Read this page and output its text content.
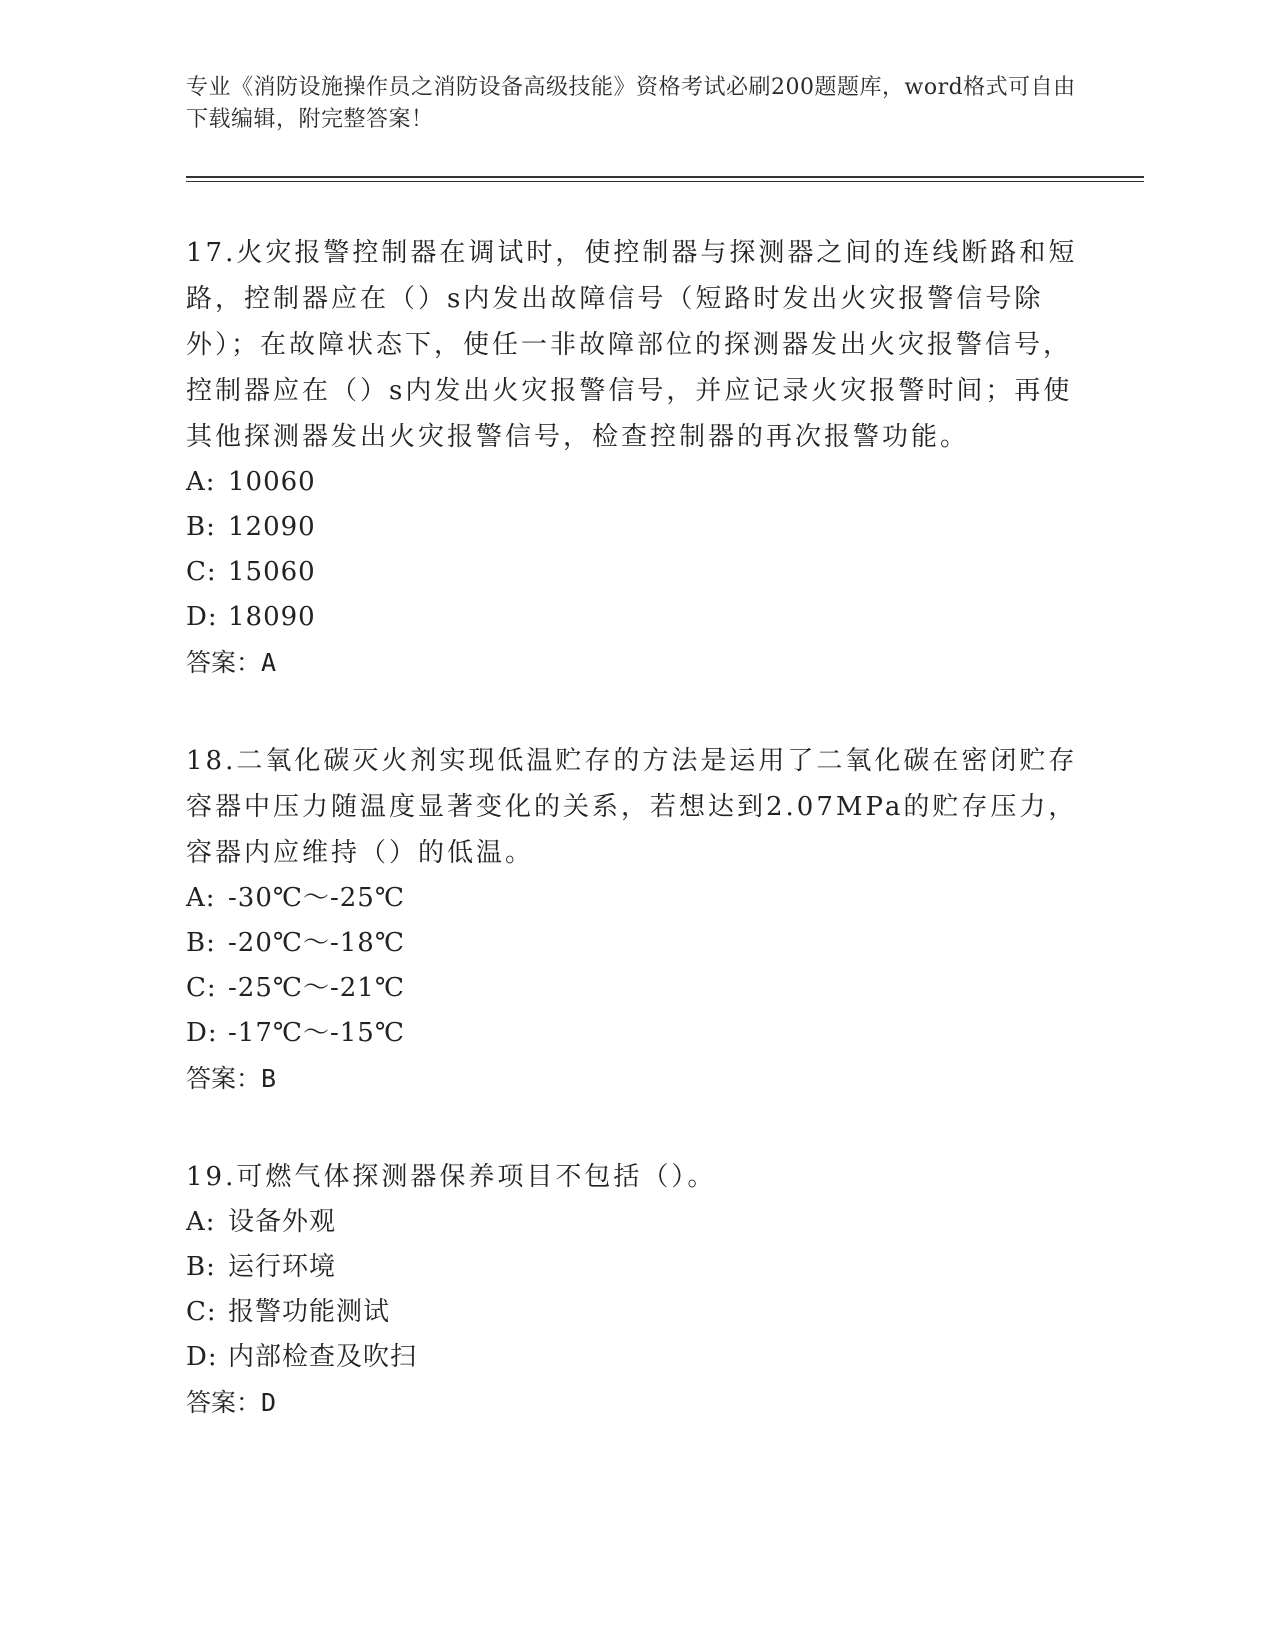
专业《消防设施操作员之消防设备高级技能》资格考试必刷200题题库，word格式可自由下载编辑，附完整答案！

17.火灾报警控制器在调试时，使控制器与探测器之间的连线断路和短路，控制器应在（）s内发出故障信号（短路时发出火灾报警信号除外）；在故障状态下，使任一非故障部位的探测器发出火灾报警信号，控制器应在（）s内发出火灾报警信号，并应记录火灾报警时间；再使其他探测器发出火灾报警信号，检查控制器的再次报警功能。

A: 10060

B: 12090

C: 15060

D: 18090

答案：A

18.二氧化碳灭火剂实现低温贮存的方法是运用了二氧化碳在密闭贮存容器中压力随温度显著变化的关系，若想达到2.07MPa的贮存压力，容器内应维持（）的低温。

A: -30℃～-25℃

B: -20℃～-18℃

C: -25℃～-21℃

D: -17℃～-15℃

答案：B

19.可燃气体探测器保养项目不包括（）。

A: 设备外观

B: 运行环境

C: 报警功能测试

D: 内部检查及吹扫

答案：D
